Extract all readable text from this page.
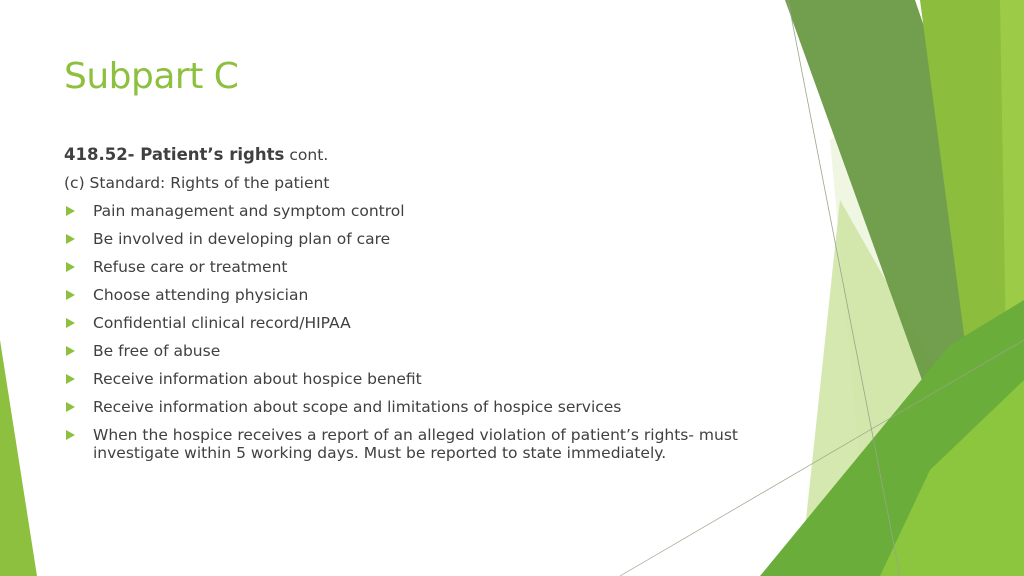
Subpart C
418.52- Patient’s rights cont.
(c) Standard: Rights of the patient
Pain management and symptom control
Be involved in developing plan of care
Refuse care or treatment
Choose attending physician
Confidential clinical record/HIPAA
Be free of abuse
Receive information about hospice benefit
Receive information about scope and limitations of hospice services
When the hospice receives a report of an alleged violation of patient’s rights- must investigate within 5 working days. Must be reported to state immediately.
